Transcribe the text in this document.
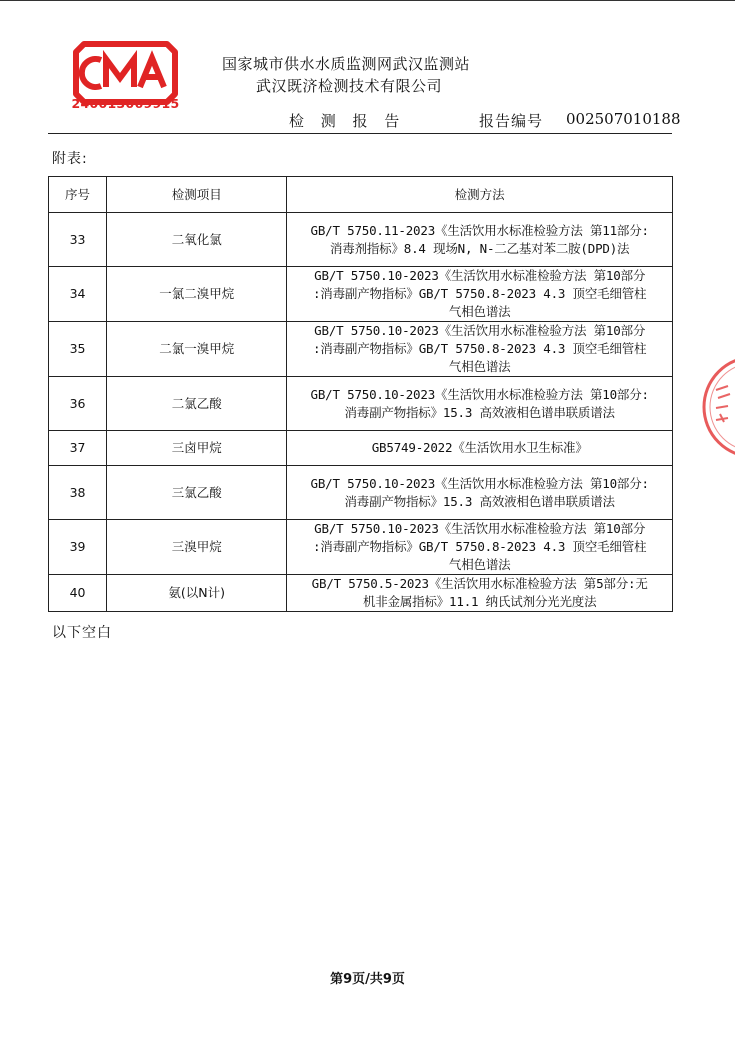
240013069915
国家城市供水水质监测网武汉监测站
武汉既济检测技术有限公司
检 测 报 告	报告编号 002507010188
附表:
序号	检测项目	检测方法
33	二氧化氯	GB/T 5750.11-2023《生活饮用水标准检验方法 第11部分:
消毒剂指标》8.4 现场N, N-二乙基对苯二胺(DPD)法

34	一氯二溴甲烷	GB/T 5750.10-2023《生活饮用水标准检验方法 第10部分
:消毒副产物指标》GB/T 5750.8-2023 4.3 顶空毛细管柱
气相色谱法

35	二氯一溴甲烷	GB/T 5750.10-2023《生活饮用水标准检验方法 第10部分
:消毒副产物指标》GB/T 5750.8-2023 4.3 顶空毛细管柱
气相色谱法

36	二氯乙酸	GB/T 5750.10-2023《生活饮用水标准检验方法 第10部分:
消毒副产物指标》15.3 高效液相色谱串联质谱法

37	三卤甲烷	GB5749-2022《生活饮用水卫生标准》

38	三氯乙酸	GB/T 5750.10-2023《生活饮用水标准检验方法 第10部分:
消毒副产物指标》15.3 高效液相色谱串联质谱法

39	三溴甲烷	GB/T 5750.10-2023《生活饮用水标准检验方法 第10部分
:消毒副产物指标》GB/T 5750.8-2023 4.3 顶空毛细管柱
气相色谱法

40	氨(以N计)	GB/T 5750.5-2023《生活饮用水标准检验方法 第5部分:无
机非金属指标》11.1 纳氏试剂分光光度法
以下空白
第9页/共9页
